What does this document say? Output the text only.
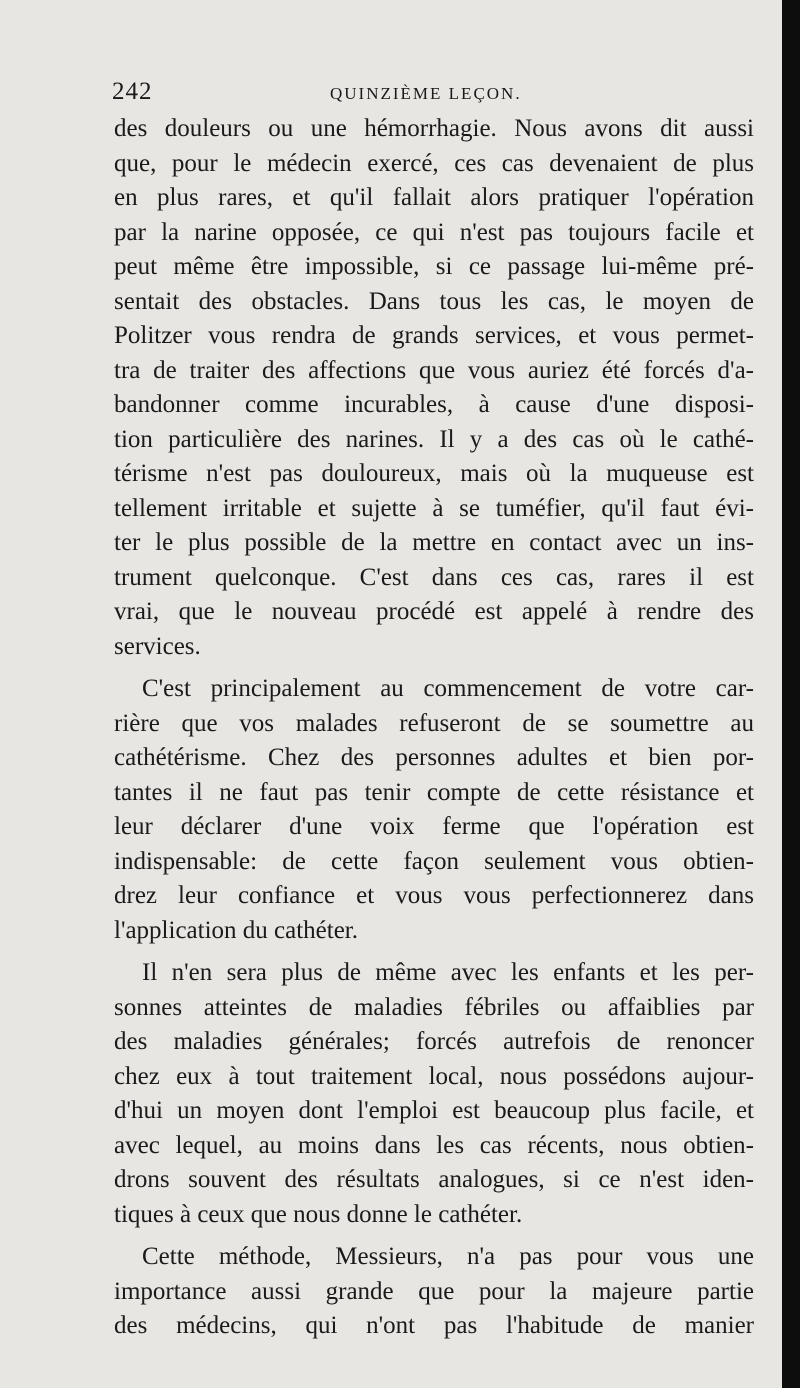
242	QUINZIÈME LEÇON.
des douleurs ou une hémorrhagie. Nous avons dit aussi
que, pour le médecin exercé, ces cas devenaient de plus
en plus rares, et qu'il fallait alors pratiquer l'opération
par la narine opposée, ce qui n'est pas toujours facile et
peut même être impossible, si ce passage lui-même pré-
sentait des obstacles. Dans tous les cas, le moyen de
Politzer vous rendra de grands services, et vous permet-
tra de traiter des affections que vous auriez été forcés d'a-
bandonner comme incurables, à cause d'une disposi-
tion particulière des narines. Il y a des cas où le cathé-
térisme n'est pas douloureux, mais où la muqueuse est
tellement irritable et sujette à se tuméfier, qu'il faut évi-
ter le plus possible de la mettre en contact avec un ins-
trument quelconque. C'est dans ces cas, rares il est
vrai, que le nouveau procédé est appelé à rendre des
services.
C'est principalement au commencement de votre car-
rière que vos malades refuseront de se soumettre au
cathétérisme. Chez des personnes adultes et bien por-
tantes il ne faut pas tenir compte de cette résistance et
leur déclarer d'une voix ferme que l'opération est
indispensable: de cette façon seulement vous obtien-
drez leur confiance et vous vous perfectionnerez dans
l'application du cathéter.
Il n'en sera plus de même avec les enfants et les per-
sonnes atteintes de maladies fébriles ou affaiblies par
des maladies générales; forcés autrefois de renoncer
chez eux à tout traitement local, nous possédons aujour-
d'hui un moyen dont l'emploi est beaucoup plus facile, et
avec lequel, au moins dans les cas récents, nous obtien-
drons souvent des résultats analogues, si ce n'est iden-
tiques à ceux que nous donne le cathéter.
Cette méthode, Messieurs, n'a pas pour vous une
importance aussi grande que pour la majeure partie
des médecins, qui n'ont pas l'habitude de manier
